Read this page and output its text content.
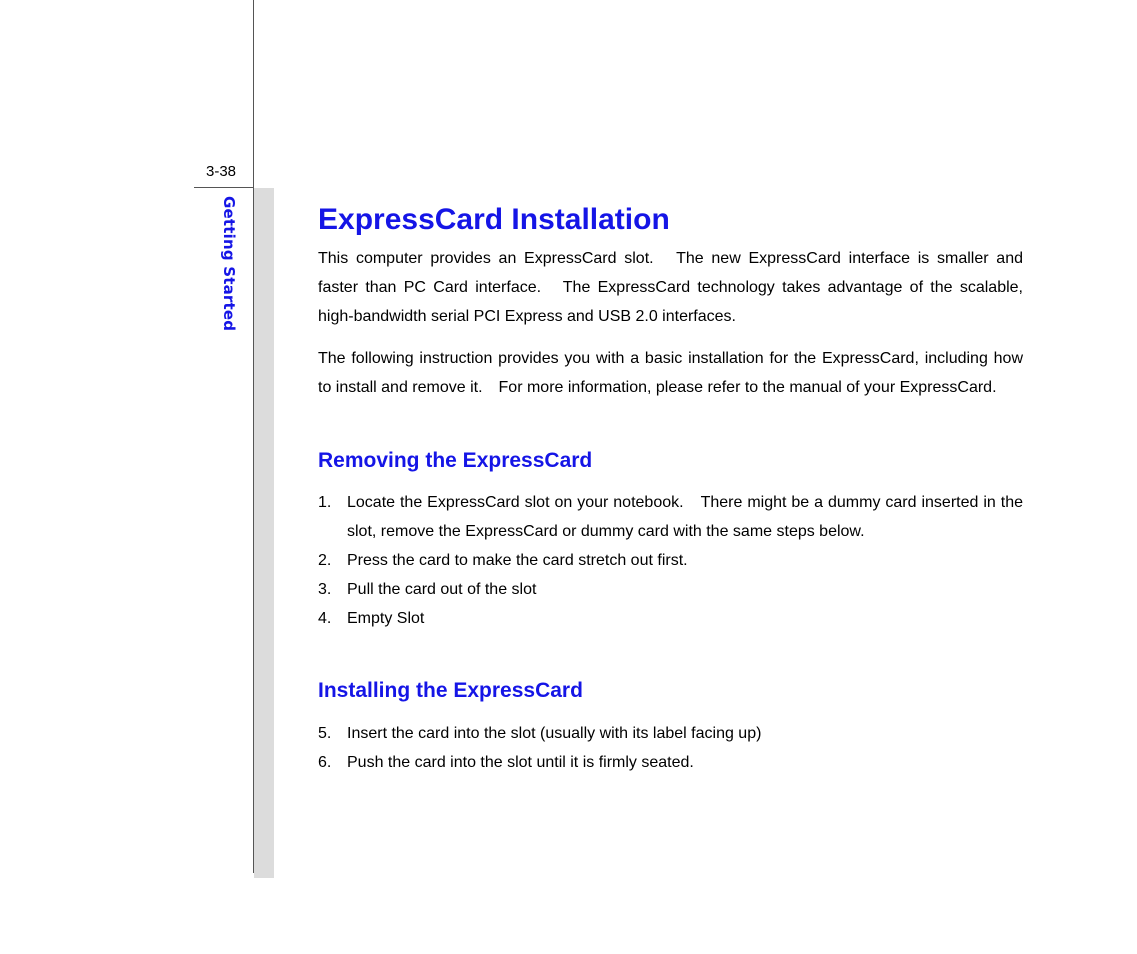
3-38
Getting Started	ExpressCard Installation

This computer provides an ExpressCard slot.　The new ExpressCard interface is smaller and faster than PC Card interface.　The ExpressCard technology takes advantage of the scalable, high-bandwidth serial PCI Express and USB 2.0 interfaces.

The following instruction provides you with a basic installation for the ExpressCard, including how to install and remove it.　For more information, please refer to the manual of your ExpressCard.

Removing the ExpressCard
1. Locate the ExpressCard slot on your notebook.　There might be a dummy card inserted in the slot, remove the ExpressCard or dummy card with the same steps below.
2. Press the card to make the card stretch out first.
3. Pull the card out of the slot
4. Empty Slot
Installing the ExpressCard
5. Insert the card into the slot (usually with its label facing up)
6. Push the card into the slot until it is firmly seated.
